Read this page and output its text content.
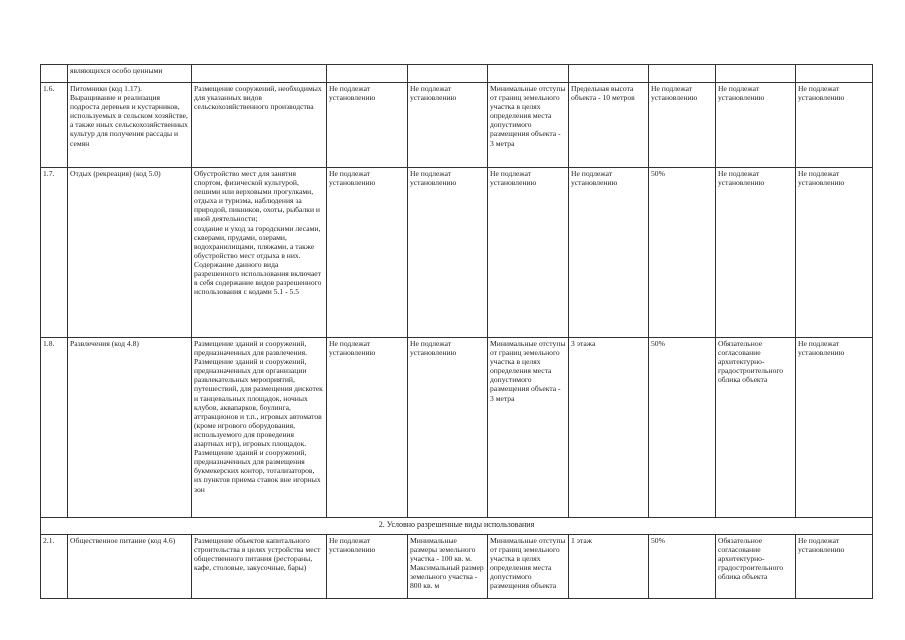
	являющихся особо ценными								
1.6.	Питомники (код 1.17). Выращивание и реализация подроста деревьев и кустарников, используемых в сельском хозяйстве, а также иных сельскохозяйственных культур для получения рассады и семян	Размещение сооружений, необходимых для указанных видов сельскохозяйственного производства	Не подлежат установлению	Не подлежат установлению	Минимальные отступы от границ земельного участка в целях определения места допустимого размещения объекта - 3 метра	Предельная высота объекта - 10 метров	Не подлежат установлению	Не подлежат установлению	Не подлежат установлению
1.7.	Отдых (рекреация) (код 5.0)	Обустройство мест для занятия спортом, физической культурой, пешими или верховыми прогулками, отдыха и туризма, наблюдения за природой, пикников, охоты, рыбалки и иной деятельности;
создание и уход за городскими лесами, скверами, прудами, озерами, водохранилищами, пляжами, а также обустройство мест отдыха в них.
Содержание данного вида разрешенного использования включает в себя содержание видов разрешенного использования с кодами 5.1 - 5.5	Не подлежат установлению	Не подлежат установлению	Не подлежат установлению	Не подлежат установлению	50%	Не подлежат установлению	Не подлежат установлению
1.8.	Развлечения (код 4.8)	Размещение зданий и сооружений, предназначенных для развлечения. Размещение зданий и сооружений, предназначенных для организации развлекательных мероприятий, путешествий, для размещения дискотек и танцевальных площадок, ночных клубов, аквапарков, боулинга, аттракционов и т.п., игровых автоматов (кроме игрового оборудования, используемого для проведения азартных игр), игровых площадок. Размещение зданий и сооружений, предназначенных для размещения букмекерских контор, тотализаторов, их пунктов приема ставок вне игорных зон	Не подлежат установлению	Не подлежат установлению	Минимальные отступы от границ земельного участка в целях определения места допустимого размещения объекта - 3 метра	3 этажа	50%	Обязательное согласование архитектурно-градостроительного облика объекта	Не подлежат установлению
2. Условно разрешенные виды использования									
2.1.	Общественное питание (код 4.6)	Размещение объектов капитального строительства в целях устройства мест общественного питания (рестораны, кафе, столовые, закусочные, бары)	Не подлежат установлению	Минимальные размеры земельного участка - 100 кв. м. Максимальный размер земельного участка - 800 кв. м	Минимальные отступы от границ земельного участка в целях определения места допустимого размещения объекта	1 этаж	50%	Обязательное согласование архитектурно-градостроительного облика объекта	Не подлежат установлению
